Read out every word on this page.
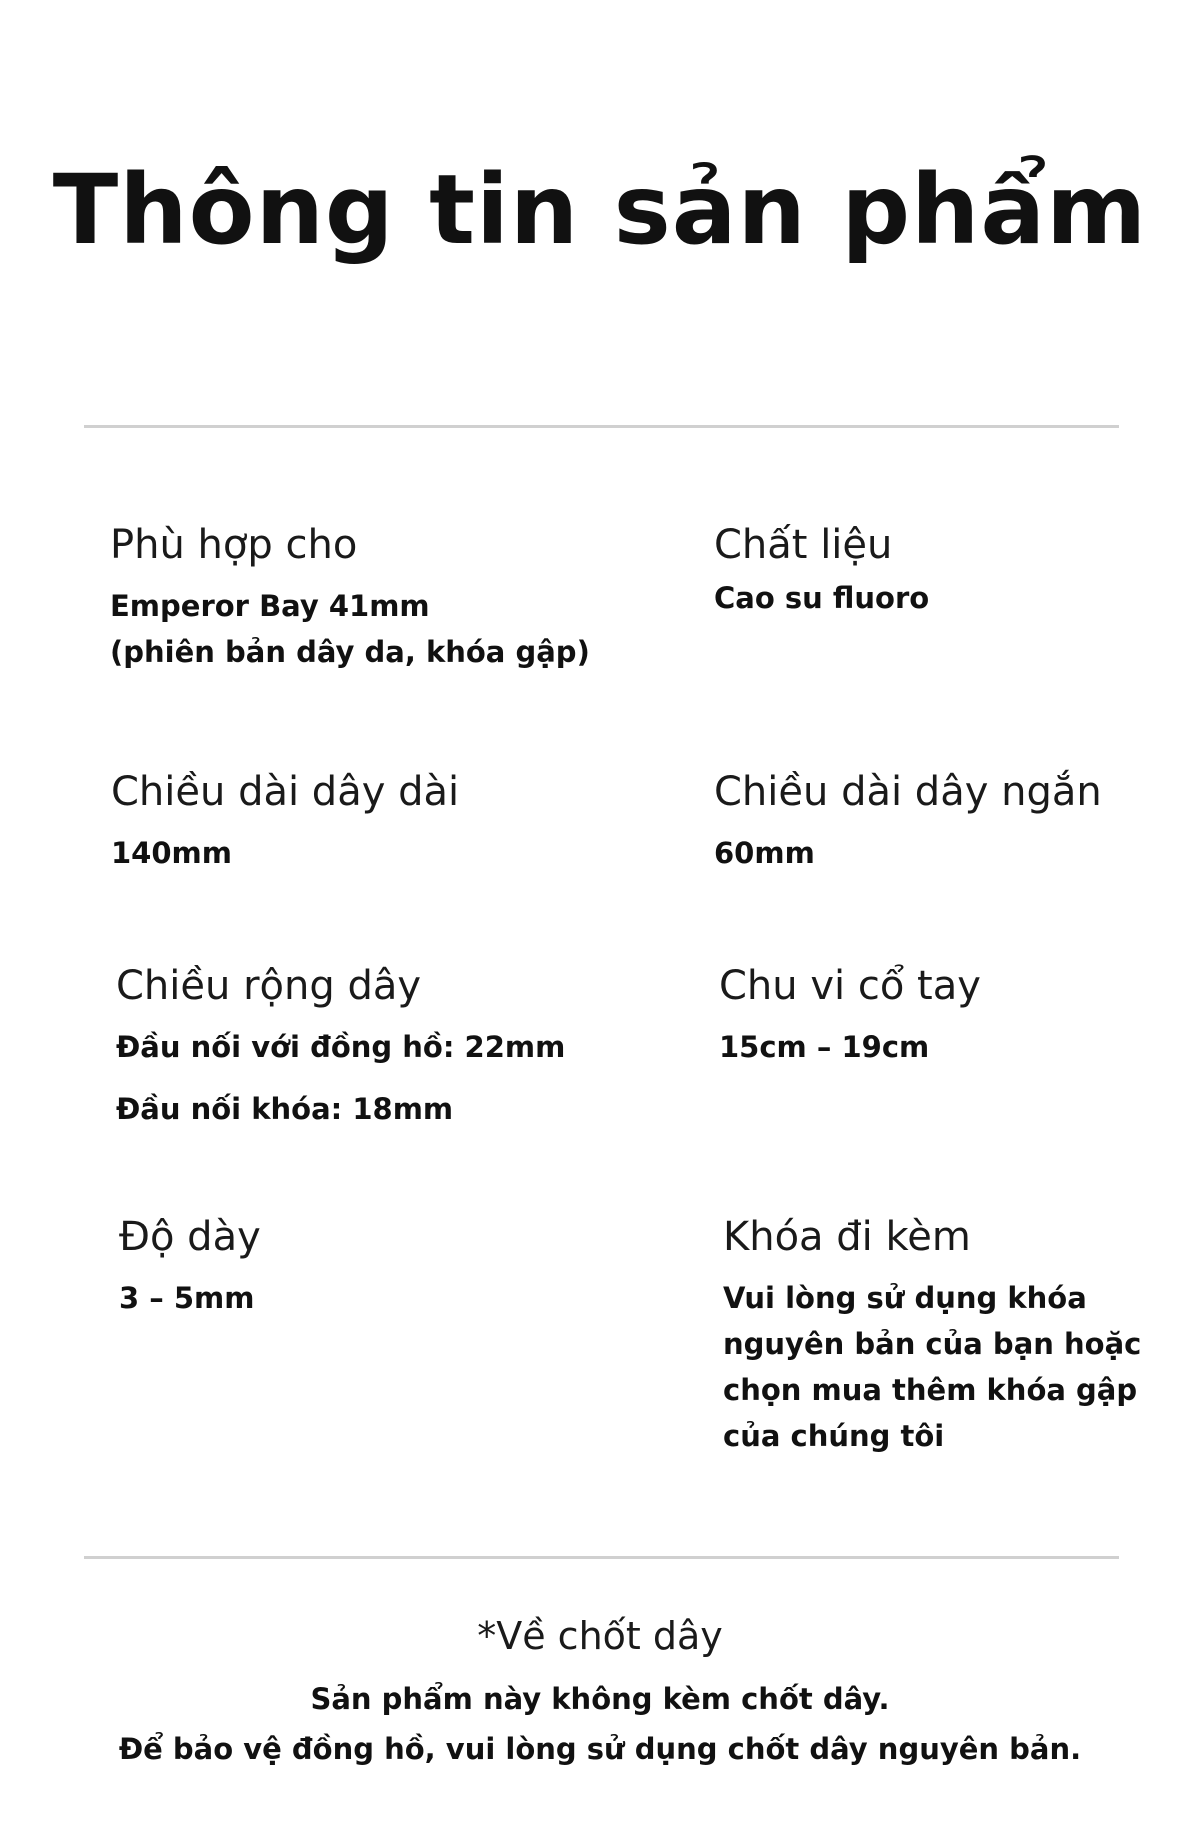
Thông tin sản phẩm
Phù hợp cho
Emperor Bay 41mm
(phiên bản dây da, khóa gập)
Chất liệu
Cao su fluoro
Chiều dài dây dài
140mm
Chiều dài dây ngắn
60mm
Chiều rộng dây
Đầu nối với đồng hồ: 22mm
Đầu nối khóa: 18mm
Chu vi cổ tay
15cm – 19cm
Độ dày
3 – 5mm
Khóa đi kèm
Vui lòng sử dụng khóa
nguyên bản của bạn hoặc
chọn mua thêm khóa gập
của chúng tôi
*Về chốt dây
Sản phẩm này không kèm chốt dây.
Để bảo vệ đồng hồ, vui lòng sử dụng chốt dây nguyên bản.
